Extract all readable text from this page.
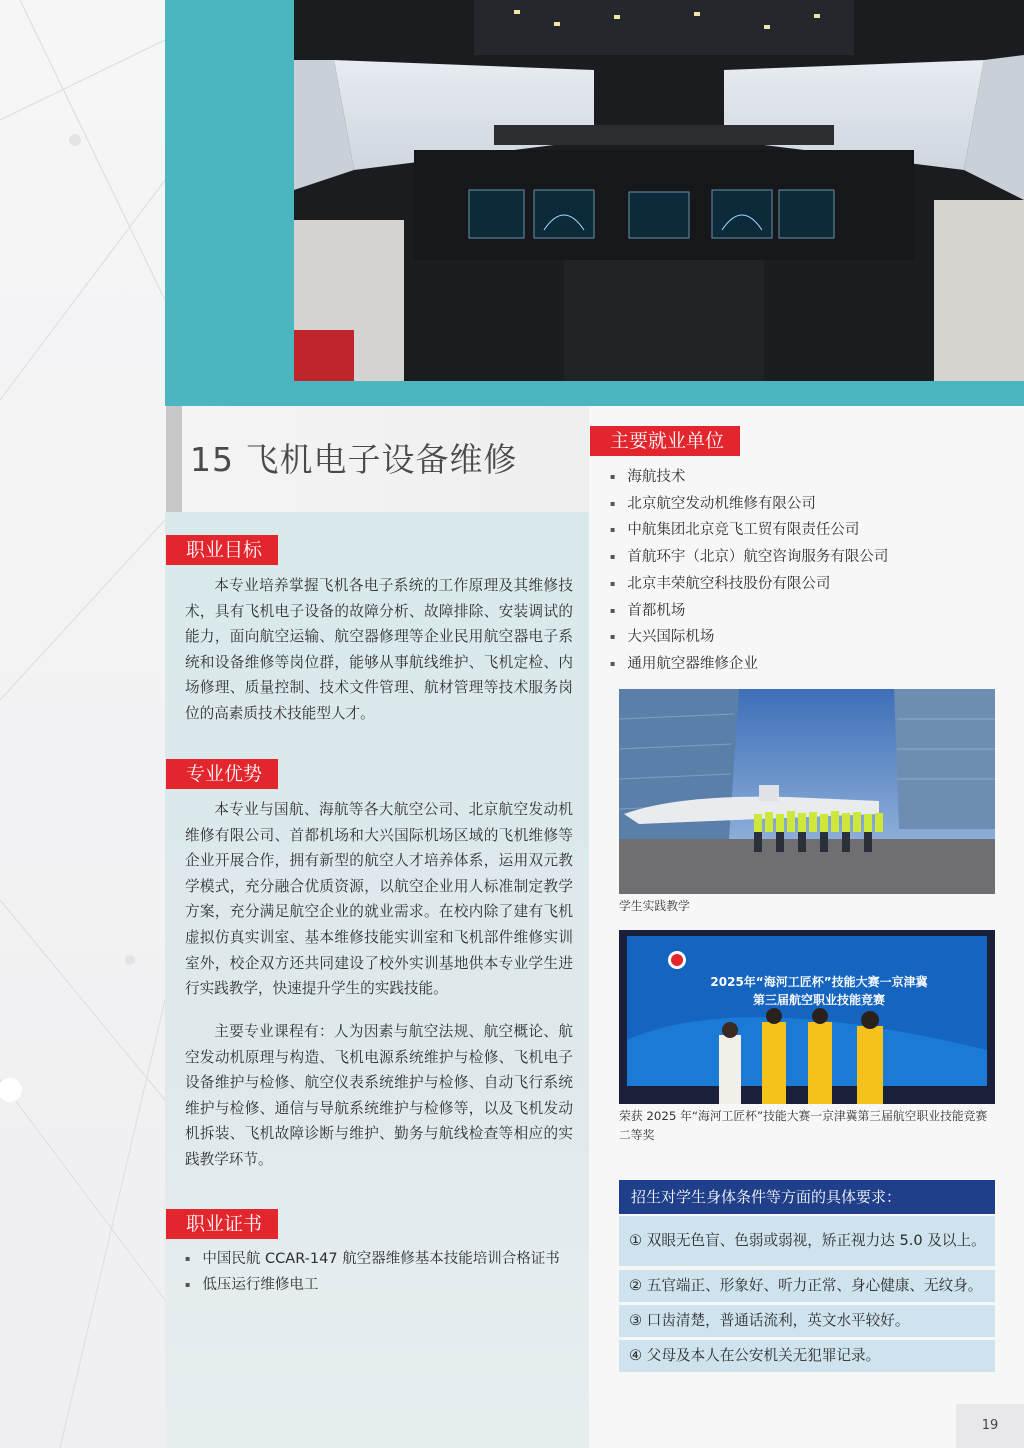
15 飞机电子设备维修
职业目标

本专业培养掌握飞机各电子系统的工作原理及其维修技术，具有飞机电子设备的故障分析、故障排除、安装调试的能力，面向航空运输、航空器修理等企业民用航空器电子系统和设备维修等岗位群，能够从事航线维护、飞机定检、内场修理、质量控制、技术文件管理、航材管理等技术服务岗位的高素质技术技能型人才。

专业优势

本专业与国航、海航等各大航空公司、北京航空发动机维修有限公司、首都机场和大兴国际机场区域的飞机维修等企业开展合作，拥有新型的航空人才培养体系，运用双元教学模式，充分融合优质资源，以航空企业用人标准制定教学方案，充分满足航空企业的就业需求。在校内除了建有飞机虚拟仿真实训室、基本维修技能实训室和飞机部件维修实训室外，校企双方还共同建设了校外实训基地供本专业学生进行实践教学，快速提升学生的实践技能。

主要专业课程有：人为因素与航空法规、航空概论、航空发动机原理与构造、飞机电源系统维护与检修、飞机电子设备维护与检修、航空仪表系统维护与检修、自动飞行系统维护与检修、通信与导航系统维护与检修等，以及飞机发动机拆装、飞机故障诊断与维护、勤务与航线检查等相应的实践教学环节。

职业证书
▪ 中国民航 CCAR-147 航空器维修基本技能培训合格证书
▪ 低压运行维修电工
主要就业单位
▪ 海航技术
▪ 北京航空发动机维修有限公司
▪ 中航集团北京竞飞工贸有限责任公司
▪ 首航环宇（北京）航空咨询服务有限公司
▪ 北京丰荣航空科技股份有限公司
▪ 首都机场
▪ 大兴国际机场
▪ 通用航空器维修企业

学生实践教学

2025年“海河工匠杯”技能大赛一京津冀
第三届航空职业技能竞赛

荣获 2025 年“海河工匠杯”技能大赛一京津冀第三届航空职业技能竞赛二等奖

招生对学生身体条件等方面的具体要求：
① 双眼无色盲、色弱或弱视，矫正视力达 5.0 及以上。
② 五官端正、形象好、听力正常、身心健康、无纹身。
③ 口齿清楚，普通话流利，英文水平较好。
④ 父母及本人在公安机关无犯罪记录。
19
